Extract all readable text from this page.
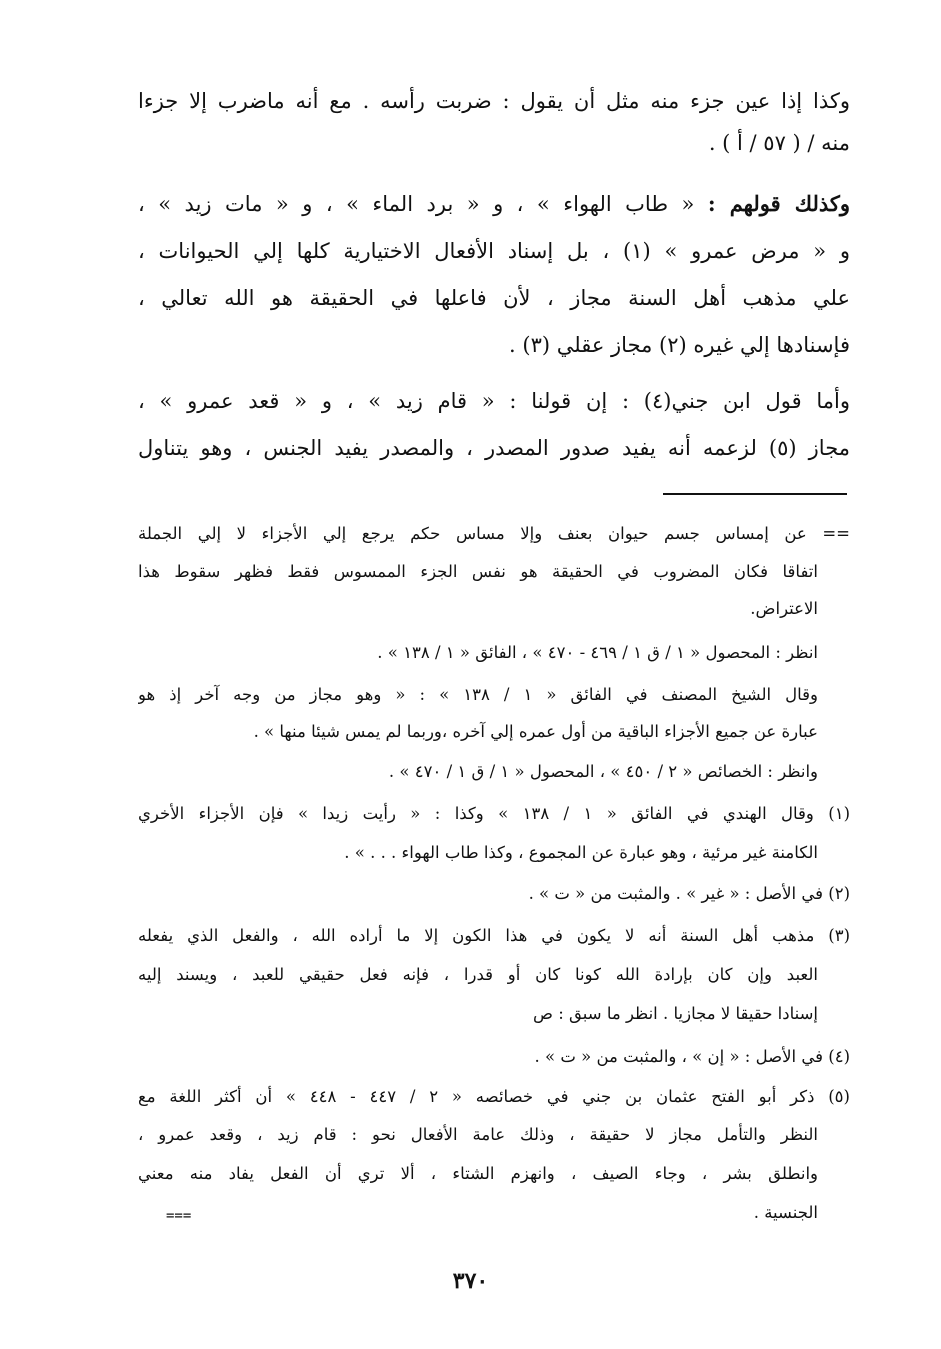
وكذا إذا عين جزء منه مثل أن يقول : ضربت رأسه . مع أنه ماضرب إلا جزءا
منه / ( ٥٧ / أ ) .
وكذلك قولهم : « طاب الهواء » ، و « برد الماء » ، و « مات زيد » ،
و « مرض عمرو » (١) ، بل إسناد الأفعال الاختيارية كلها إلي الحيوانات ،
علي مذهب أهل السنة مجاز ، لأن فاعلها في الحقيقة هو الله تعالي ،
فإسنادها إلي غيره (٢) مجاز عقلي (٣) .
وأما قول ابن جني(٤) : إن قولنا : « قام زيد » ، و « قعد عمرو » ،
مجاز (٥) لزعمه أنه يفيد صدور المصدر ، والمصدر يفيد الجنس ، وهو يتناول
== عن إمساس جسم حيوان بعنف وإلا مساس حكم يرجع إلي الأجزاء لا إلي الجملة
اتفاقا فكان المضروب في الحقيقة هو نفس الجزء الممسوس فقط فظهر سقوط هذا
الاعتراض.
انظر : المحصول « ١ / ق ١ / ٤٦٩ - ٤٧٠ » ، الفائق « ١ / ١٣٨ » .
وقال الشيخ المصنف في الفائق « ١ / ١٣٨ » : « وهو مجاز من وجه آخر إذ هو
عبارة عن جميع الأجزاء الباقية من أول عمره إلي آخره ،وربما لم يمس شيئا منها » .
وانظر : الخصائص « ٢ / ٤٥٠ » ، المحصول « ١ / ق ١ / ٤٧٠ » .
(١) وقال الهندي في الفائق « ١ / ١٣٨ » وكذا : « رأيت زيدا » فإن الأجزاء الأخري
الكامنة غير مرئية ، وهو عبارة عن المجموع ، وكذا طاب الهواء . . . » .
(٢) في الأصل : « غير » . والمثبت من « ت » .
(٣) مذهب أهل السنة أنه لا يكون في هذا الكون إلا ما أراده الله ، والفعل الذي يفعله
العبد وإن كان بإرادة الله كونا كان أو قدرا ، فإنه فعل حقيقي للعبد ، ويسند إليه
إسنادا حقيقا لا مجازيا . انظر ما سبق : ص
(٤) في الأصل : « إن » ، والمثبت من « ت » .
(٥) ذكر أبو الفتح عثمان بن جني في خصائصه « ٢ / ٤٤٧ - ٤٤٨ » أن أكثر اللغة مع
النظر والتأمل مجاز لا حقيقة ، وذلك عامة الأفعال نحو : قام زيد ، وقعد عمرو ،
وانطلق بشر ، وجاء الصيف ، وانهزم الشتاء ، ألا تري أن الفعل يفاد منه معني
الجنسية .
===
٣٧٠
